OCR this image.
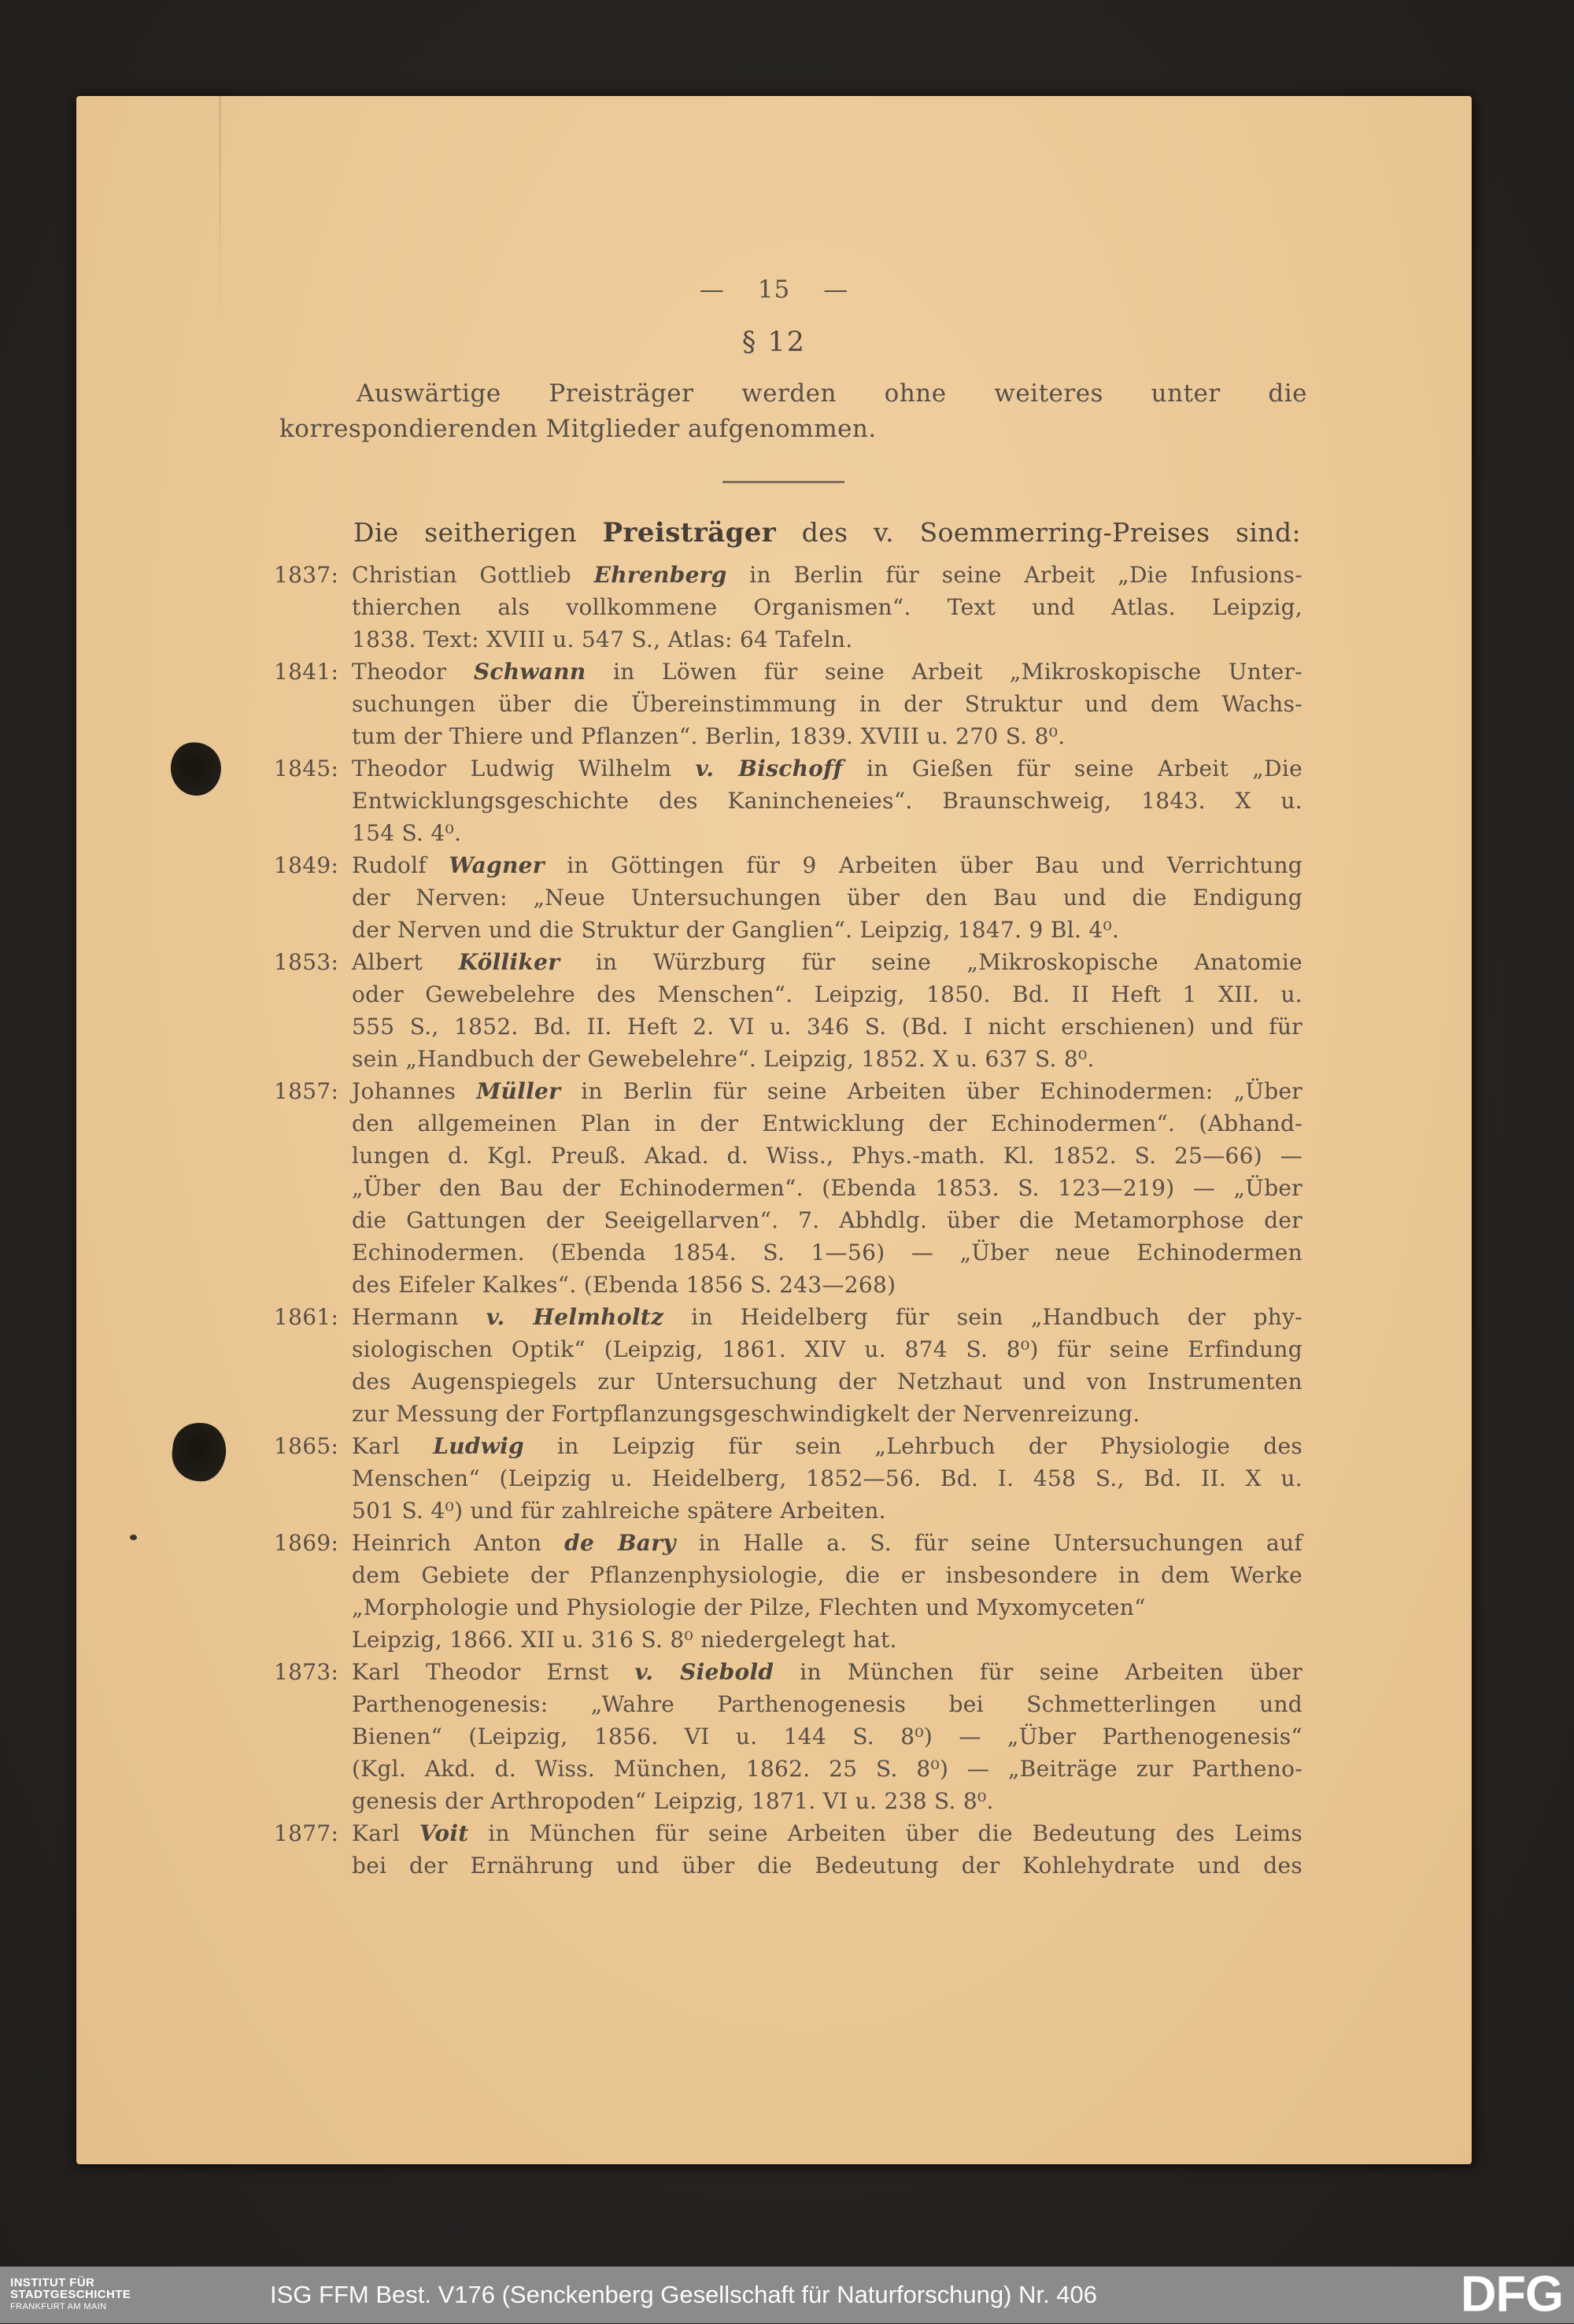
— 15 —
§ 12
Auswärtige Preisträger werden ohne weiteres unter die
korrespondierenden Mitglieder aufgenommen.
Die seitherigen Preisträger des v. Soemmerring-Preises sind:
1837: Christian Gottlieb Ehrenberg in Berlin für seine Arbeit „Die Infusions-
thierchen als vollkommene Organismen“. Text und Atlas. Leipzig,
1838. Text: XVIII u. 547 S., Atlas: 64 Tafeln.
1841: Theodor Schwann in Löwen für seine Arbeit „Mikroskopische Unter-
suchungen über die Übereinstimmung in der Struktur und dem Wachs-
tum der Thiere und Pflanzen“. Berlin, 1839. XVIII u. 270 S. 8⁰.
1845: Theodor Ludwig Wilhelm v. Bischoff in Gießen für seine Arbeit „Die
Entwicklungsgeschichte des Kanincheneies“. Braunschweig, 1843. X u.
154 S. 4⁰.
1849: Rudolf Wagner in Göttingen für 9 Arbeiten über Bau und Verrichtung
der Nerven: „Neue Untersuchungen über den Bau und die Endigung
der Nerven und die Struktur der Ganglien“. Leipzig, 1847. 9 Bl. 4⁰.
1853: Albert Kölliker in Würzburg für seine „Mikroskopische Anatomie
oder Gewebelehre des Menschen“. Leipzig, 1850. Bd. II Heft 1 XII. u.
555 S., 1852. Bd. II. Heft 2. VI u. 346 S. (Bd. I nicht erschienen) und für
sein „Handbuch der Gewebelehre“. Leipzig, 1852. X u. 637 S. 8⁰.
1857: Johannes Müller in Berlin für seine Arbeiten über Echinodermen: „Über
den allgemeinen Plan in der Entwicklung der Echinodermen“. (Abhand-
lungen d. Kgl. Preuß. Akad. d. Wiss., Phys.-math. Kl. 1852. S. 25—66) —
„Über den Bau der Echinodermen“. (Ebenda 1853. S. 123—219) — „Über
die Gattungen der Seeigellarven“. 7. Abhdlg. über die Metamorphose der
Echinodermen. (Ebenda 1854. S. 1—56) — „Über neue Echinodermen
des Eifeler Kalkes“. (Ebenda 1856 S. 243—268)
1861: Hermann v. Helmholtz in Heidelberg für sein „Handbuch der phy-
siologischen Optik“ (Leipzig, 1861. XIV u. 874 S. 8⁰) für seine Erfindung
des Augenspiegels zur Untersuchung der Netzhaut und von Instrumenten
zur Messung der Fortpflanzungsgeschwindigkelt der Nervenreizung.
1865: Karl Ludwig in Leipzig für sein „Lehrbuch der Physiologie des
Menschen“ (Leipzig u. Heidelberg, 1852—56. Bd. I. 458 S., Bd. II. X u.
501 S. 4⁰) und für zahlreiche spätere Arbeiten.
1869: Heinrich Anton de Bary in Halle a. S. für seine Untersuchungen auf
dem Gebiete der Pflanzenphysiologie, die er insbesondere in dem Werke
„Morphologie und Physiologie der Pilze, Flechten und Myxomyceten“
Leipzig, 1866. XII u. 316 S. 8⁰ niedergelegt hat.
1873: Karl Theodor Ernst v. Siebold in München für seine Arbeiten über
Parthenogenesis: „Wahre Parthenogenesis bei Schmetterlingen und
Bienen“ (Leipzig, 1856. VI u. 144 S. 8⁰) — „Über Parthenogenesis“
(Kgl. Akd. d. Wiss. München, 1862. 25 S. 8⁰) — „Beiträge zur Partheno-
genesis der Arthropoden“ Leipzig, 1871. VI u. 238 S. 8⁰.
1877: Karl Voit in München für seine Arbeiten über die Bedeutung des Leims
bei der Ernährung und über die Bedeutung der Kohlehydrate und des
INSTITUT FÜR
STADTGESCHICHTE
FRANKFURT AM MAIN	ISG FFM Best. V176 (Senckenberg Gesellschaft für Naturforschung) Nr. 406	DFG
